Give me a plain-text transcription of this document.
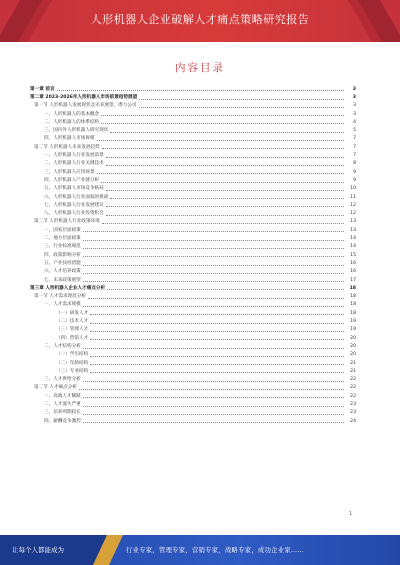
人形机器人企业破解人才痛点策略研究报告
内容目录
第一章 前言	3
第二章 2023-2026年人形机器人市场前景趋势展望	3
第一节 人形机器人发展现状及未来展望，潜力公司	3
一、人形机器人的基本概念	3
二、人形机器人的体系结构	4
三、国内外人形机器人研究现状	5
四、人形机器人市场规模	7
第二节 人形机器人未来发展趋势	7
一、人形机器人行业发展前景	7
二、人形机器人行业关键技术	8
三、人形机器人应用场景	9
四、人形机器人产业链分析	9
五、人形机器人市场竞争格局	10
六、人形机器人行业面临的挑战	11
七、人形机器人行业发展建议	12
八、人形机器人行业投资机会	12
第三节 人形机器人行业政策环境	13
一、国家层面政策	13
二、地方层面政策	14
三、行业标准规范	14
四、政策影响分析	15
五、产业扶持措施	16
六、人才培养政策	16
七、未来政策展望	17
第三章 人形机器人企业人才痛点分析	18
第一节 人才需求现状分析	18
一、人才需求规模	18
（一）研发人才	18
（二）技术人才	19
（三）管理人才	19
（四）营销人才	20
二、人才结构分析	20
（一）学历结构	20
（二）年龄结构	21
（三）专业结构	21
三、人才供给分析	22
第二节 人才痛点分析	22
一、高端人才稀缺	22
二、人才流失严重	23
三、培养周期较长	23
四、薪酬竞争激烈	24
1
让每个人都能成为	行业专家，管理专家，营销专家，战略专家，成功企业家……
